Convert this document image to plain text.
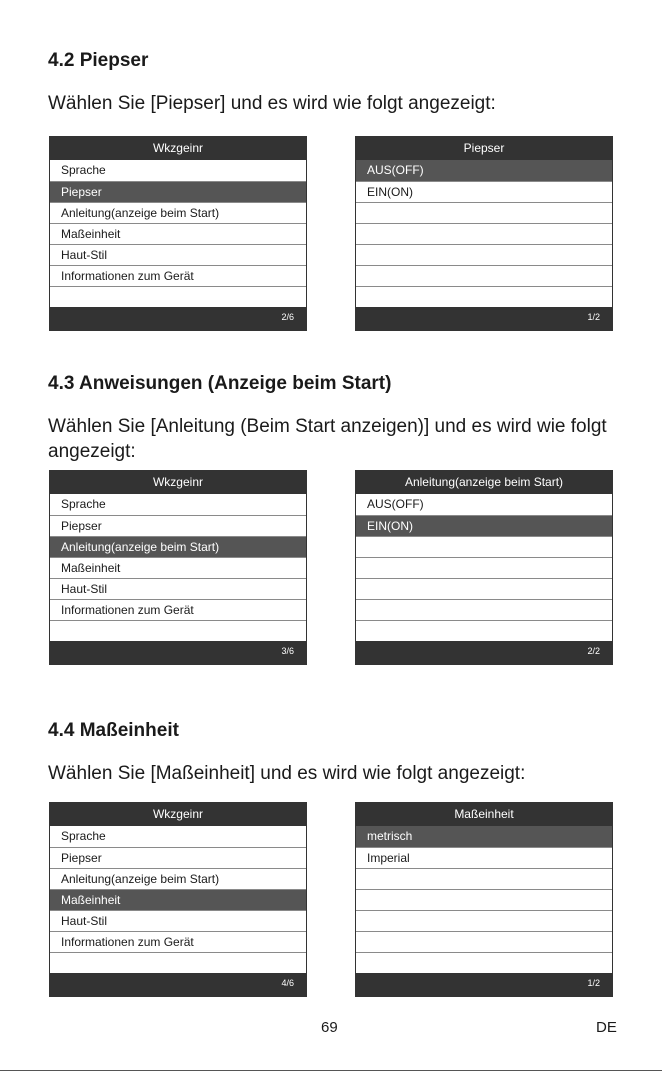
4.2 Piepser

Wählen Sie [Piepser] und es wird wie folgt angezeigt:

Wkzgeinr
Sprache
Piepser
Anleitung(anzeige beim Start)
Maßeinheit
Haut-Stil
Informationen zum Gerät
2/6
Piepser
AUS(OFF)
EIN(ON)
1/2
4.3 Anweisungen (Anzeige beim Start)

Wählen Sie [Anleitung (Beim Start anzeigen)] und es wird wie folgt angezeigt:

Wkzgeinr
Sprache
Piepser
Anleitung(anzeige beim Start)
Maßeinheit
Haut-Stil
Informationen zum Gerät
3/6
Anleitung(anzeige beim Start)
AUS(OFF)
EIN(ON)
2/2
4.4 Maßeinheit

Wählen Sie [Maßeinheit] und es wird wie folgt angezeigt:

Wkzgeinr
Sprache
Piepser
Anleitung(anzeige beim Start)
Maßeinheit
Haut-Stil
Informationen zum Gerät
4/6
Maßeinheit
metrisch
Imperial
1/2
69	DE
